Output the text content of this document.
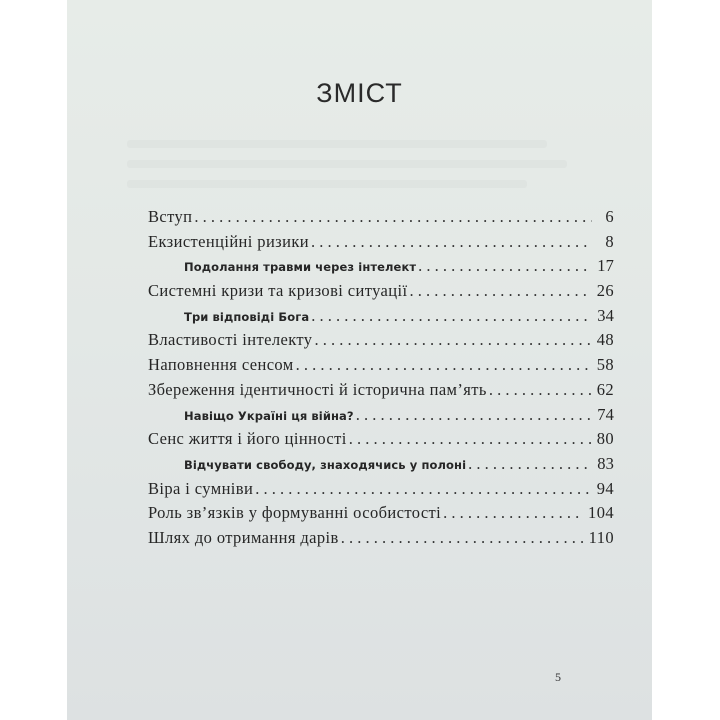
ЗМІСТ
Вступ . . .	6
Екзистенційні ризики . . .	8
Подолання травми через інтелект . . .	17
Системні кризи та кризові ситуації . . .	26
Три відповіді Бога . . .	34
Властивості інтелекту . . .	48
Наповнення сенсом . . .	58
Збереження ідентичності й історична пам’ять . . .	62
Навіщо Україні ця війна? . . .	74
Сенс життя і його цінності . . .	80
Відчувати свободу, знаходячись у полоні . . .	83
Віра і сумніви . . .	94
Роль зв’язків у формуванні особистості . . .	104
Шлях до отримання дарів . . .	110
5
